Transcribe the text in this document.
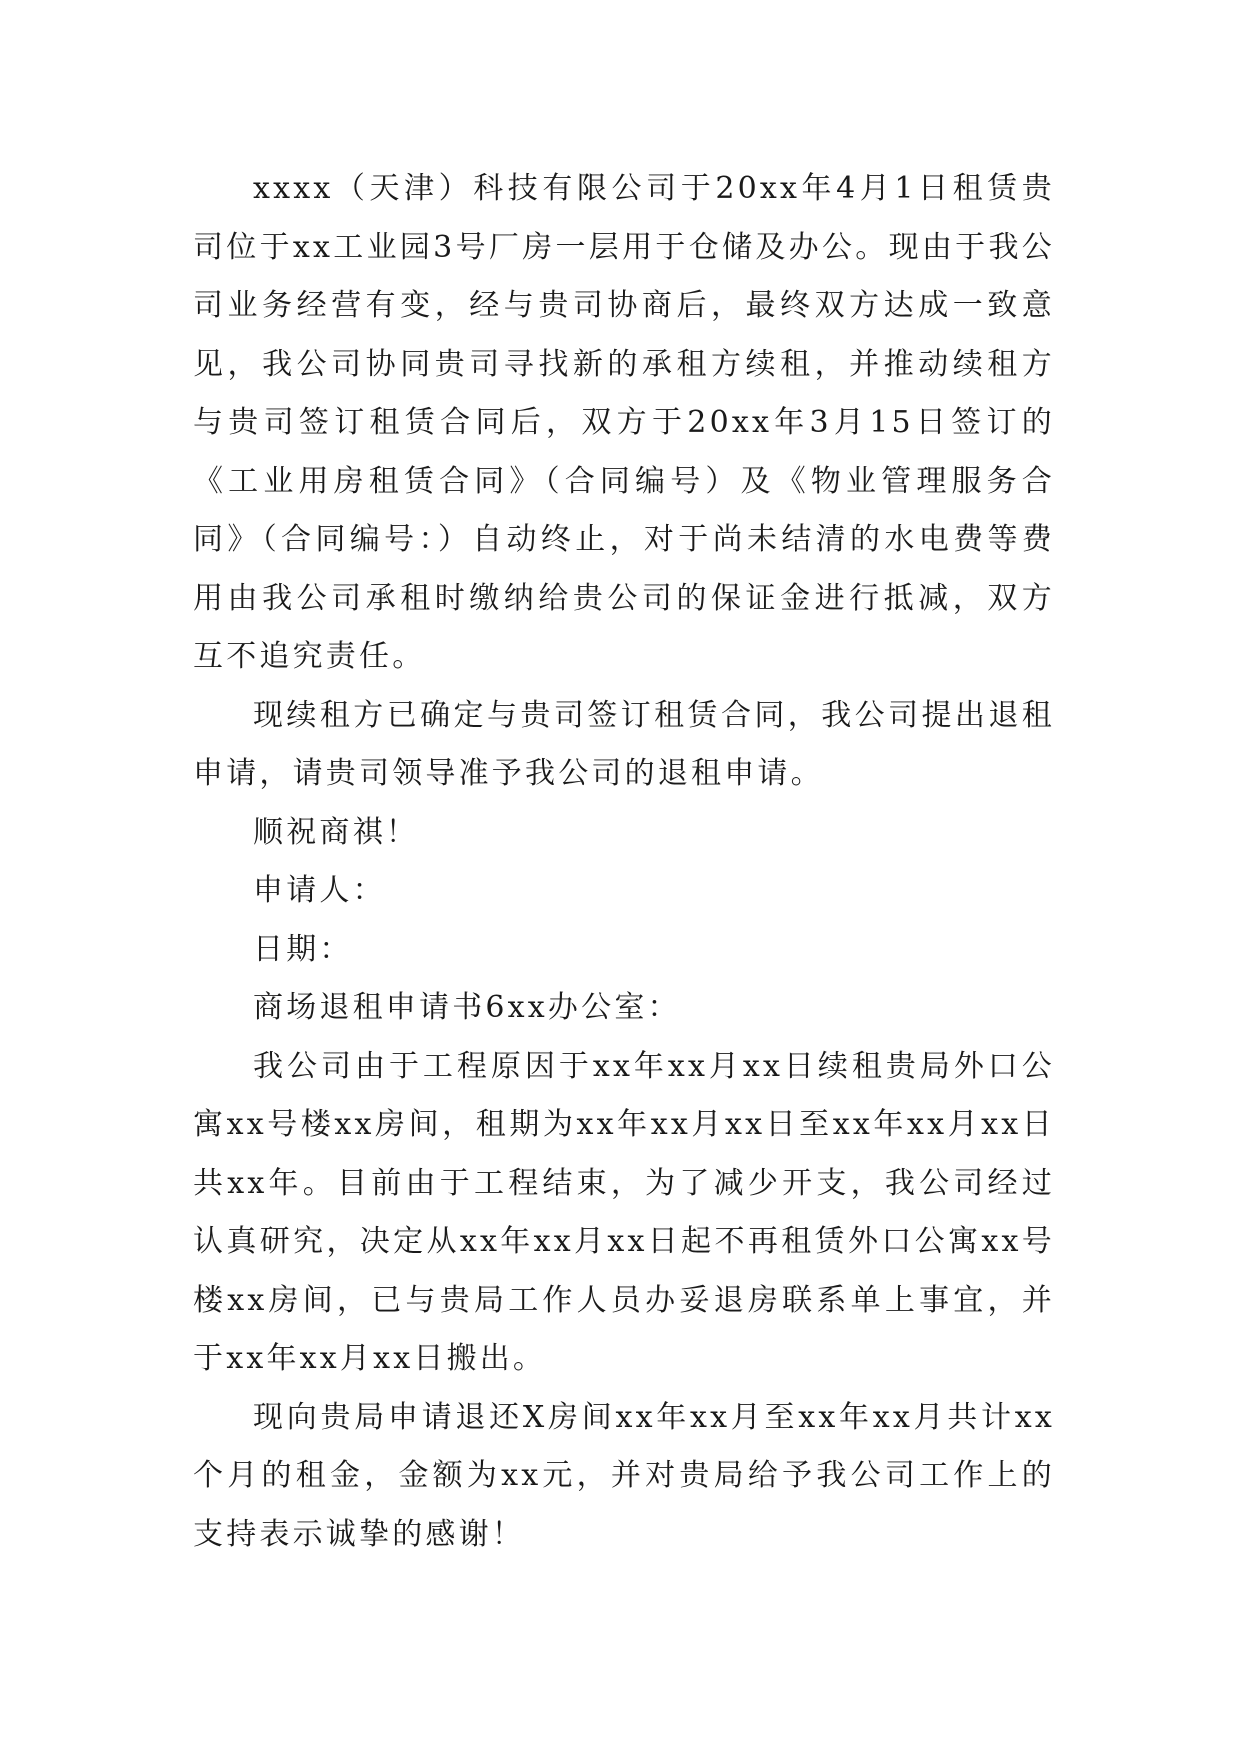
xxxx（天津）科技有限公司于20xx年4月1日租赁贵司位于xx工业园3号厂房一层用于仓储及办公。现由于我公司业务经营有变，经与贵司协商后，最终双方达成一致意见，我公司协同贵司寻找新的承租方续租，并推动续租方与贵司签订租赁合同后，双方于20xx年3月15日签订的《工业用房租赁合同》（合同编号）及《物业管理服务合同》（合同编号：）自动终止，对于尚未结清的水电费等费用由我公司承租时缴纳给贵公司的保证金进行抵减，双方互不追究责任。

现续租方已确定与贵司签订租赁合同，我公司提出退租申请，请贵司领导准予我公司的退租申请。

顺祝商祺！

申请人：

日期：

商场退租申请书6xx办公室：

我公司由于工程原因于xx年xx月xx日续租贵局外口公寓xx号楼xx房间，租期为xx年xx月xx日至xx年xx月xx日共xx年。目前由于工程结束，为了减少开支，我公司经过认真研究，决定从xx年xx月xx日起不再租赁外口公寓xx号楼xx房间，已与贵局工作人员办妥退房联系单上事宜，并于xx年xx月xx日搬出。

现向贵局申请退还X房间xx年xx月至xx年xx月共计xx个月的租金，金额为xx元，并对贵局给予我公司工作上的支持表示诚挚的感谢！
